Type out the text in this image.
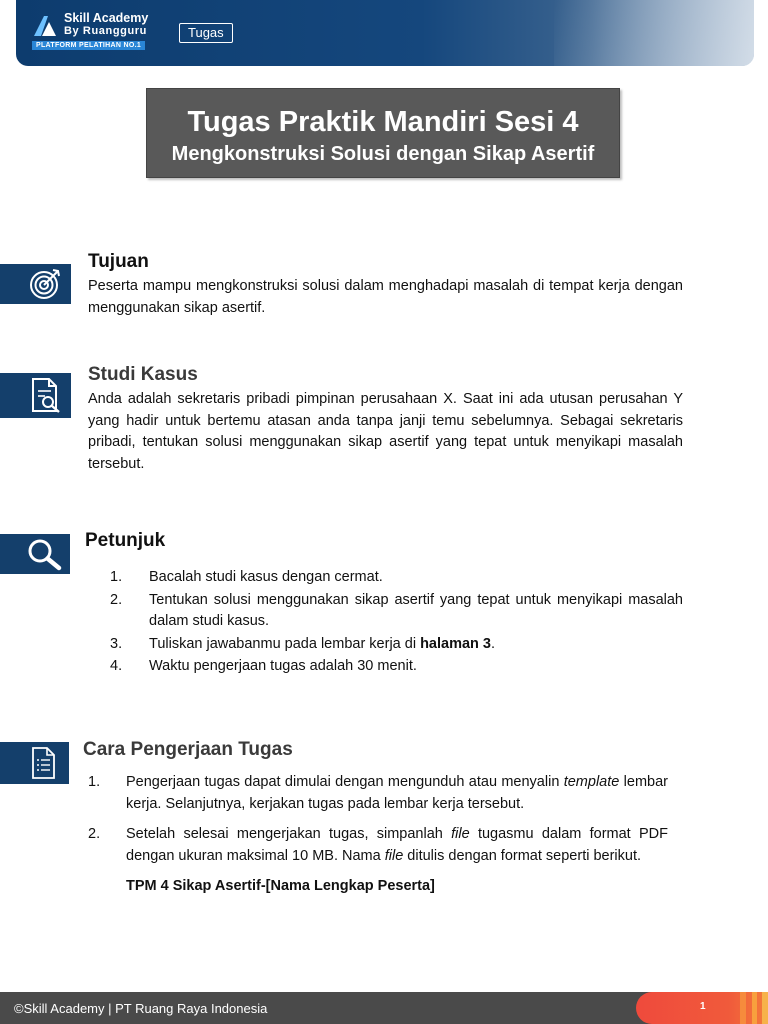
Skill Academy
By Ruangguru
PLATFORM PELATIHAN NO.1
Tugas
Tugas Praktik Mandiri Sesi 4
Mengkonstruksi Solusi dengan Sikap Asertif
Tujuan
Peserta mampu mengkonstruksi solusi dalam menghadapi masalah di tempat kerja dengan menggunakan sikap asertif.
Studi Kasus
Anda adalah sekretaris pribadi pimpinan perusahaan X. Saat ini ada utusan perusahan Y yang hadir untuk bertemu atasan anda tanpa janji temu sebelumnya. Sebagai sekretaris pribadi, tentukan solusi menggunakan sikap asertif yang tepat untuk menyikapi masalah tersebut.
Petunjuk
1. Bacalah studi kasus dengan cermat.
2. Tentukan solusi menggunakan sikap asertif yang tepat untuk menyikapi masalah dalam studi kasus.
3. Tuliskan jawabanmu pada lembar kerja di halaman 3.
4. Waktu pengerjaan tugas adalah 30 menit.
Cara Pengerjaan Tugas
1. Pengerjaan tugas dapat dimulai dengan mengunduh atau menyalin template lembar kerja. Selanjutnya, kerjakan tugas pada lembar kerja tersebut.
2. Setelah selesai mengerjakan tugas, simpanlah file tugasmu dalam format PDF dengan ukuran maksimal 10 MB. Nama file ditulis dengan format seperti berikut.
TPM 4 Sikap Asertif-[Nama Lengkap Peserta]
©Skill Academy | PT Ruang Raya Indonesia	1
